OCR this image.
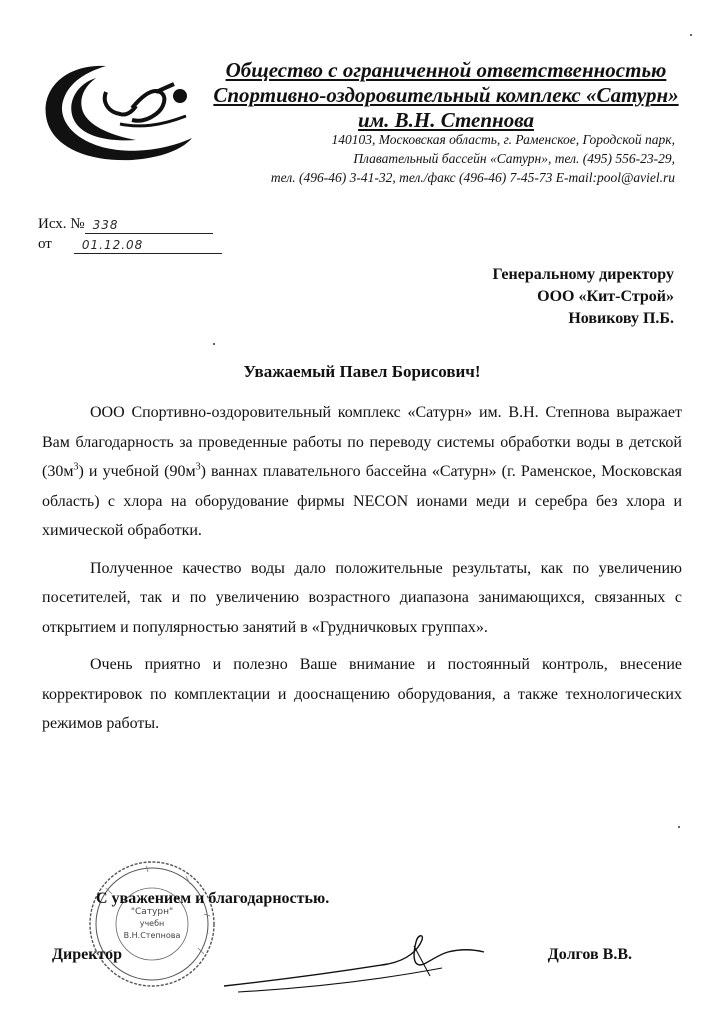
Общество с ограниченной ответственностью
Спортивно-оздоровительный комплекс «Сатурн»
им. В.Н. Степнова
140103, Московская область, г. Раменское, Городской парк,
Плавательный бассейн «Сатурн», тел. (495) 556-23-29,
тел. (496-46) 3-41-32, тел./факс (496-46) 7-45-73 E-mail:pool@aviel.ru
Исх. № 338
от	01.12.08
Генеральному директору
ООО «Кит-Строй»
Новикову П.Б.
Уважаемый Павел Борисович!

ООО Спортивно-оздоровительный комплекс «Сатурн» им. В.Н. Степнова выражает Вам благодарность за проведенные работы по переводу системы обработки воды в детской $(30м^3)$ и учебной $(90м^3)$ ваннах плавательного бассейна «Сатурн» (г. Раменское, Московская область) с хлора на оборудование фирмы NECON ионами меди и серебра без хлора и химической обработки.

Полученное качество воды дало положительные результаты, как по увеличению посетителей, так и по увеличению возрастного диапазона занимающихся, связанных с открытием и популярностью занятий в «Грудничковых группах».

Очень приятно и полезно Ваше внимание и постоянный контроль, внесение корректировок по комплектации и дооснащению оборудования, а также технологических режимов работы.

"Сатурн"
учебн
В.Н.Степнова
С уважением и благодарностью.
Директор	Долгов В.В.
